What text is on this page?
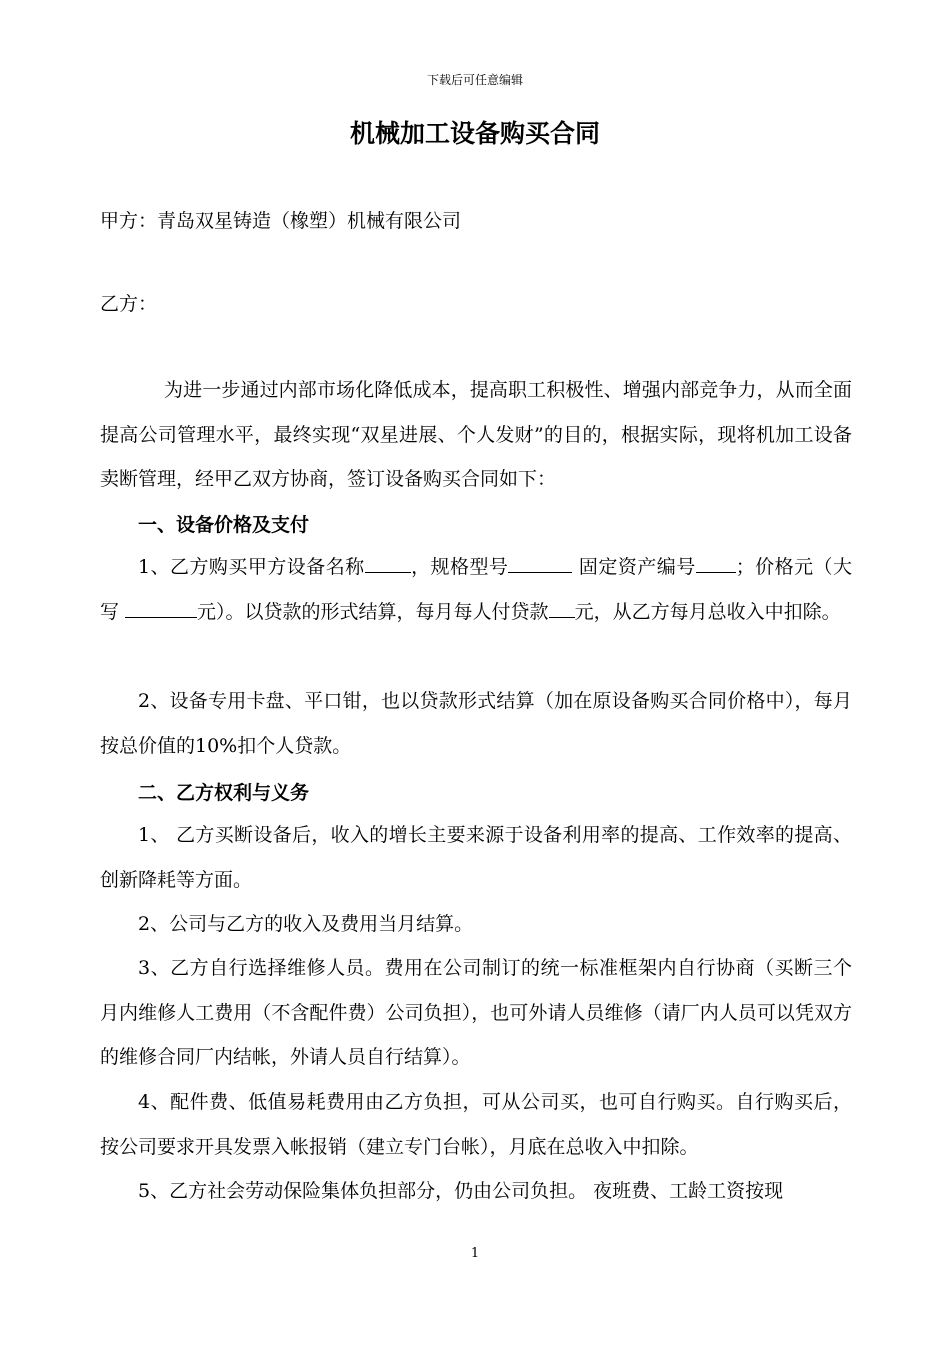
下载后可任意编辑
机械加工设备购买合同
甲方：青岛双星铸造（橡塑）机械有限公司
乙方：
为进一步通过内部市场化降低成本，提高职工积极性、增强内部竞争力，从而全面提高公司管理水平，最终实现“双星进展、个人发财”的目的，根据实际，现将机加工设备卖断管理，经甲乙双方协商，签订设备购买合同如下：
一、设备价格及支付
1、乙方购买甲方设备名称 ，规格型号	固定资产编号 ；价格元（大写	元）。以贷款的形式结算，每月每人付贷款 元，从乙方每月总收入中扣除。
2、设备专用卡盘、平口钳，也以贷款形式结算（加在原设备购买合同价格中），每月按总价值的10%扣个人贷款。
二、乙方权利与义务
1、 乙方买断设备后，收入的增长主要来源于设备利用率的提高、工作效率的提高、创新降耗等方面。
2、公司与乙方的收入及费用当月结算。
3、乙方自行选择维修人员。费用在公司制订的统一标准框架内自行协商（买断三个月内维修人工费用（不含配件费）公司负担），也可外请人员维修（请厂内人员可以凭双方的维修合同厂内结帐，外请人员自行结算）。
4、配件费、低值易耗费用由乙方负担，可从公司买，也可自行购买。自行购买后，按公司要求开具发票入帐报销（建立专门台帐），月底在总收入中扣除。
5、乙方社会劳动保险集体负担部分，仍由公司负担。 夜班费、工龄工资按现
1
